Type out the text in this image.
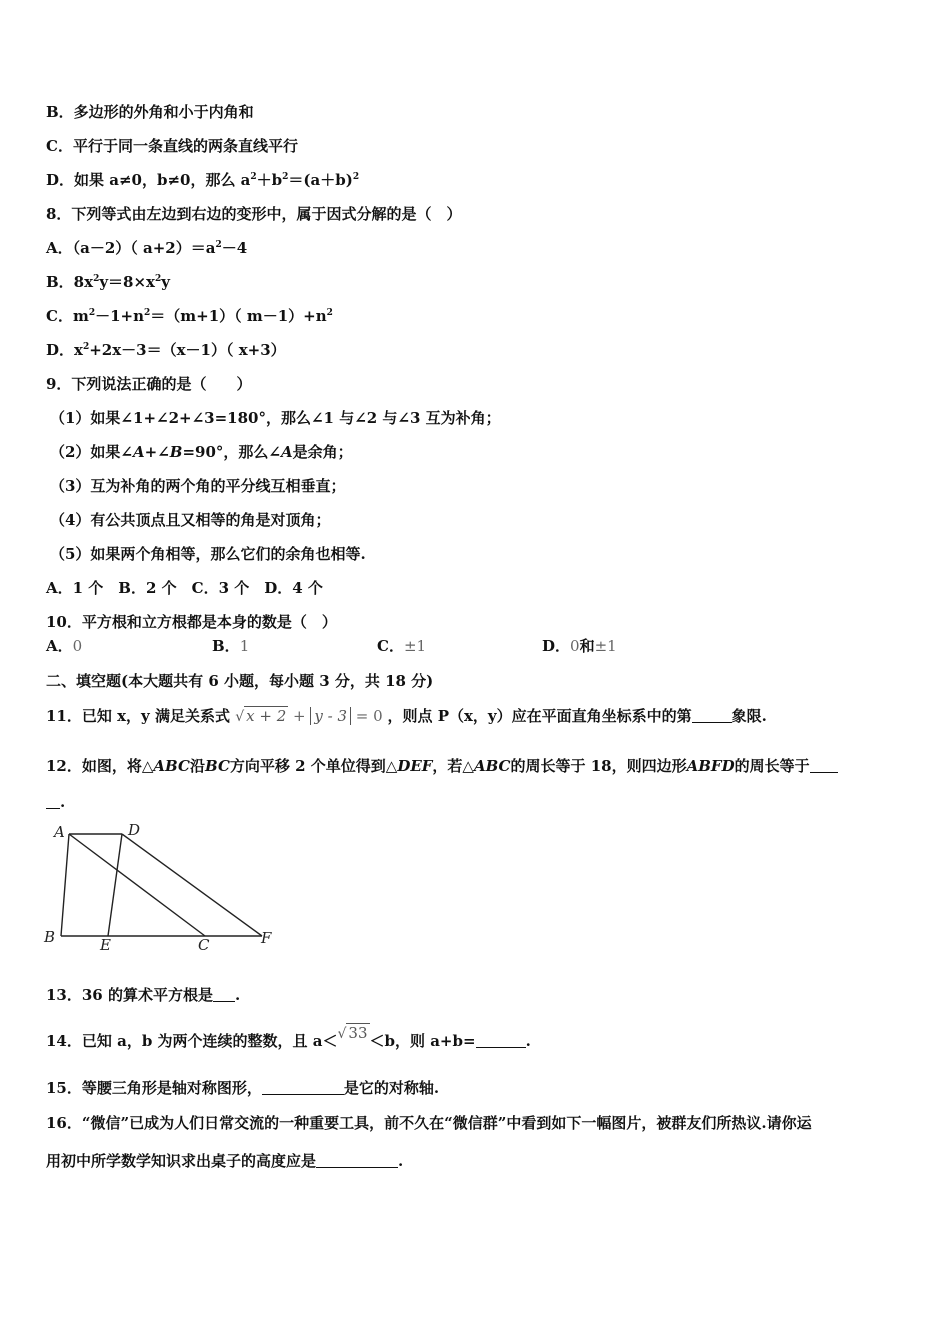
B．多边形的外角和小于内角和
C．平行于同一条直线的两条直线平行
D．如果 a≠0，b≠0，那么 $a^2+b^2=(a+b)^2$
8．下列等式由左边到右边的变形中，属于因式分解的是（　）
A．（a－2）（ $a+2)=a^2-4$
B．$8x^2y=8\times x^2y$
C．$m^2-1+n^2=(m+1)$（ $m-1)+n^2$
D．$x^2+2x-3=(x-1)$（ x+3）
9．下列说法正确的是（　　）
（1）如果∠1+∠2+∠3=180°，那么∠1 与∠2 与∠3 互为补角；
（2）如果∠A+∠B=90°，那么∠A是余角；
（3）互为补角的两个角的平分线互相垂直；
（4）有公共顶点且又相等的角是对顶角；
（5）如果两个角相等，那么它们的余角也相等.
A．1 个　B．2 个　C．3 个　D．4 个
10．平方根和立方根都是本身的数是（　）
A．0	B．1	C．±1	D．0和±1
二、填空题(本大题共有 6 小题，每小题 3 分，共 18 分)
11．已知 x，y 满足关系式 √ x + 2 + y - 3 = 0 ，则点 P（x，y）应在平面直角坐标系中的第	象限.
12．如图，将△ABC沿BC方向平移 2 个单位得到△DEF，若△ABC的周长等于 18，则四边形ABFD的周长等于
.
A	D
B	E	C	F
13．36 的算术平方根是 .
14．已知 a，b 为两个连续的整数，且 a＜√ 33 ＜b，则 a+b=	.
15．等腰三角形是轴对称图形，	是它的对称轴.
16．“微信”已成为人们日常交流的一种重要工具，前不久在“微信群”中看到如下一幅图片，被群友们所热议.请你运
用初中所学数学知识求出桌子的高度应是	.
